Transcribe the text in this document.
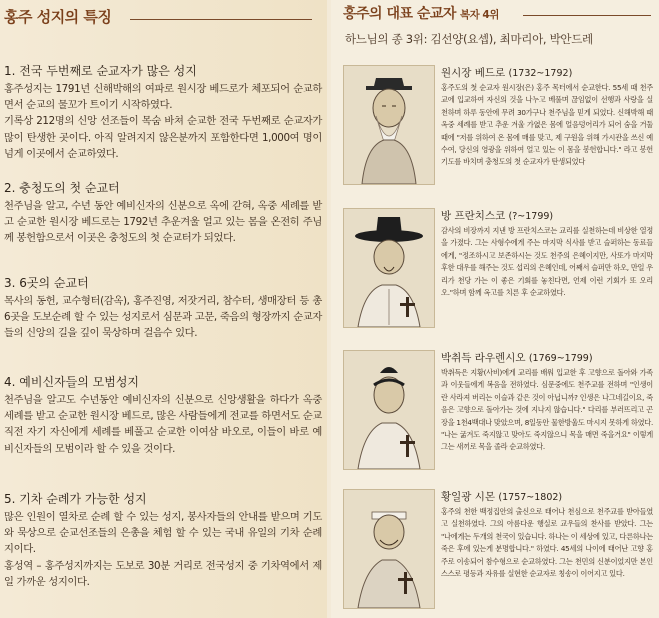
홍주 성지의 특징
1. 전국 두번째로 순교자가 많은 성지

홍주성지는 1791년 신해박해의 여파로 원시장 베드로가 체포되어 순교하면서 순교의 물꼬가 트이기 시작하였다.

기록상 212명의 신앙 선조들이 목숨 바쳐 순교한 전국 두번째로 순교자가 많이 탄생한 곳이다. 아직 알려지지 않은분까지 포함한다면 1,000여 명이 넘게 이곳에서 순교하였다.

2. 충청도의 첫 순교터

천주님을 알고, 수년 동안 예비신자의 신분으로 옥에 갇혀, 옥중 세례를 받고 순교한 원시장 베드로는 1792년 추운겨울 얼고 있는 몸을 온전히 주님께 봉헌함으로서 이곳은 충청도의 첫 순교터가 되었다.

3. 6곳의 순교터

목사의 동헌, 교수형터(감옥), 홍주진영, 저잣거리, 참수터, 생매장터 등 총6곳을 도보순례 할 수 있는 성지로서 심문과 고문, 죽음의 형장까지 순교자들의 신앙의 길을 깊이 묵상하며 걸음수 있다.

4. 예비신자들의 모범성지

천주님을 알고도 수년동안 예비신자의 신분으로 신앙생활을 하다가 옥중 세례를 받고 순교한 원시장 베드로, 많은 사람들에게 전교를 하면서도 순교직전 자기 자신에게 세례를 베풀고 순교한 이여삼 바오로, 이들이 바로 예비신자들의 모범이라 할 수 있을 것이다.

5. 기차 순례가 가능한 성지

많은 인원이 열차로 순례 할 수 있는 성지, 봉사자들의 안내를 받으며 기도와 묵상으로 순교선조들의 은총을 체험 할 수 있는 국내 유일의 기차 순례지이다.

홍성역 – 홍주성지까지는 도보로 30분 거리로 전국성지 중 기차역에서 제일 가까운 성지이다.

홍주의 대표 순교자 복자 4위
하느님의 종 3위: 김선양(요셉), 최마리아, 박안드레
원시장 베드로 (1732~1792)
홍주도의 첫 순교자 원시장(은) 홍주 목터에서 순교한다. 55세 때 천주교에 입교하여 자신의 것을 나누고 베풀며 끊임없이 선행과 사랑을 실천하며 하루 동안에 무려 30가구나 천주님을 믿게 되었다. 신해박해 때 옥중 세례를 받고 추운 겨울 가엾은 몸에 얼음덩어리가 되어 숨을 거둘 때에 "저를 위하여 온 몸에 매를 맞고, 제 구원을 위해 가시관을 쓰신 예수여, 당신의 영광을 위하여 얼고 있는 이 몸을 봉헌합니다." 라고 봉헌기도를 바치며 충청도의 첫 순교자가 탄생되었다
방 프란치스코 (?~1799)
감사의 비장까지 지낸 방 프란치스코는 교리를 실천하는데 비상한 열정을 가졌다. 그는 사형수에게 주는 마지막 식사를 받고 슬퍼하는 동료들에게, "정조하시고 보존하시는 것도 천주의 은혜이지만, 사또가 마지막 후한 대우를 해주는 것도 섭리의 은혜인데, 어째서 슬퍼만 하오, 만일 우리가 천당 가는 이 좋은 기회를 놓친다면, 언제 이런 기회가 또 오리오."하며 함께 옥고를 치른 후 순교하였다.
박취득 라우렌시오 (1769~1799)
박취득은 지황(사비)에게 교리를 배워 입교한 후 고향으로 돌아와 가족과 이웃들에게 복음을 전하였다. 심문중에도 천주교를 전하며 "인생이란 사라져 버리는 이슬과 같은 것이 아닙니까? 인생은 나그네길이요, 죽음은 고향으로 돌아가는 것에 지나지 않습니다." 다리를 부러뜨리고 곤장을 1천4백대나 맞았으며, 8일동안 물한방울도 마시지 못하게 하였다. "나는 굶겨도 죽지않고 맞아도 죽지않으니 목을 매면 죽을거요" 이렇게 그는 새끼로 목을 졸라 순교하였다.
황일광 시몬 (1757~1802)
홍주의 천한 백정집안의 출신으로 태어나 천심으로 천주교를 받아들였고 실천하였다. 그의 아름다운 행실로 교우들의 찬사를 받았다. 그는 "나에게는 두개의 천국이 있습니다. 하나는 이 세상에 있고, 다른하나는 죽은 후에 있는게 분명합니다." 하였다. 45세의 나이에 태어난 고향 홍주로 이송되어 참수형으로 순교하였다. 그는 천민의 신분이었지만 본인 스스로 평등과 자유를 실현한 순교자로 칭송이 이어지고 있다.
